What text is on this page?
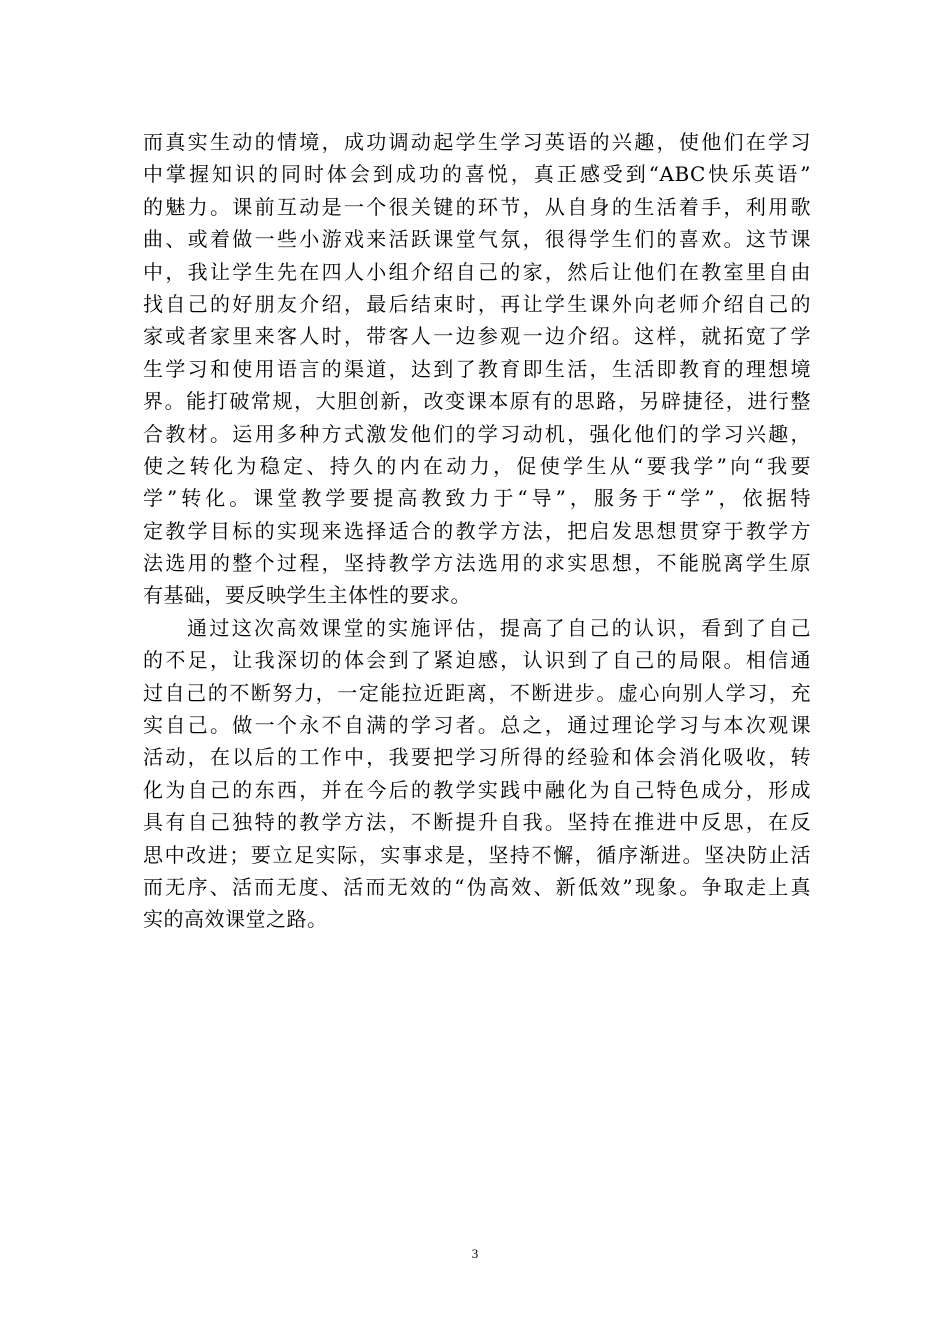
而真实生动的情境，成功调动起学生学习英语的兴趣，使他们在学习
中掌握知识的同时体会到成功的喜悦，真正感受到“ABC快乐英语”
的魅力。课前互动是一个很关键的环节，从自身的生活着手，利用歌
曲、或着做一些小游戏来活跃课堂气氛，很得学生们的喜欢。这节课
中，我让学生先在四人小组介绍自己的家，然后让他们在教室里自由
找自己的好朋友介绍，最后结束时，再让学生课外向老师介绍自己的
家或者家里来客人时，带客人一边参观一边介绍。这样，就拓宽了学
生学习和使用语言的渠道，达到了教育即生活，生活即教育的理想境
界。能打破常规，大胆创新，改变课本原有的思路，另辟捷径，进行整
合教材。运用多种方式激发他们的学习动机，强化他们的学习兴趣，
使之转化为稳定、持久的内在动力，促使学生从“要我学”向“我要
学”转化。课堂教学要提高教致力于“导”，服务于“学”，依据特
定教学目标的实现来选择适合的教学方法，把启发思想贯穿于教学方
法选用的整个过程，坚持教学方法选用的求实思想，不能脱离学生原
有基础，要反映学生主体性的要求。
通过这次高效课堂的实施评估，提高了自己的认识，看到了自己
的不足，让我深切的体会到了紧迫感，认识到了自己的局限。相信通
过自己的不断努力，一定能拉近距离，不断进步。虚心向别人学习，充
实自己。做一个永不自满的学习者。总之，通过理论学习与本次观课
活动，在以后的工作中，我要把学习所得的经验和体会消化吸收，转
化为自己的东西，并在今后的教学实践中融化为自己特色成分，形成
具有自己独特的教学方法，不断提升自我。坚持在推进中反思，在反
思中改进；要立足实际，实事求是，坚持不懈，循序渐进。坚决防止活
而无序、活而无度、活而无效的“伪高效、新低效”现象。争取走上真
实的高效课堂之路。
3
